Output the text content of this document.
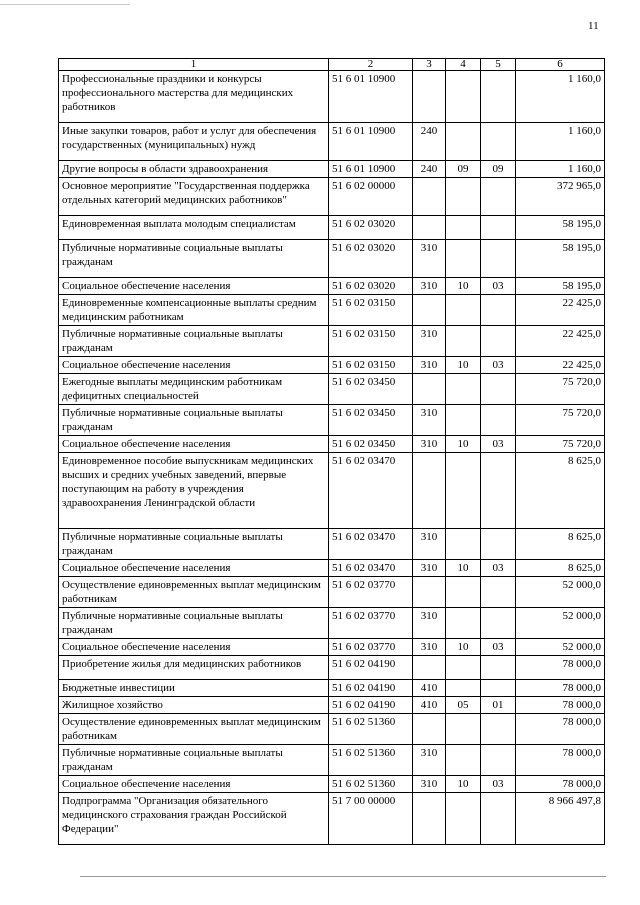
11
1	2	3	4	5	6
Профессиональные праздники и конкурсы профессионального мастерства для медицинских работников	51 6 01 10900				1 160,0
Иные закупки товаров, работ и услуг для обеспечения государственных (муниципальных) нужд	51 6 01 10900	240			1 160,0
Другие вопросы в области здравоохранения	51 6 01 10900	240	09	09	1 160,0
Основное мероприятие "Государственная поддержка отдельных категорий медицинских работников"	51 6 02 00000				372 965,0
Единовременная выплата молодым специалистам	51 6 02 03020				58 195,0
Публичные нормативные социальные выплаты гражданам	51 6 02 03020	310			58 195,0
Социальное обеспечение населения	51 6 02 03020	310	10	03	58 195,0
Единовременные компенсационные выплаты средним медицинским работникам	51 6 02 03150				22 425,0
Публичные нормативные социальные выплаты гражданам	51 6 02 03150	310			22 425,0
Социальное обеспечение населения	51 6 02 03150	310	10	03	22 425,0
Ежегодные выплаты медицинским работникам дефицитных специальностей	51 6 02 03450				75 720,0
Публичные нормативные социальные выплаты гражданам	51 6 02 03450	310			75 720,0
Социальное обеспечение населения	51 6 02 03450	310	10	03	75 720,0
Единовременное пособие выпускникам медицинских высших и средних учебных заведений, впервые поступающим на работу в учреждения здравоохранения Ленинградской области	51 6 02 03470				8 625,0
Публичные нормативные социальные выплаты гражданам	51 6 02 03470	310			8 625,0
Социальное обеспечение населения	51 6 02 03470	310	10	03	8 625,0
Осуществление единовременных выплат медицинским работникам	51 6 02 03770				52 000,0
Публичные нормативные социальные выплаты гражданам	51 6 02 03770	310			52 000,0
Социальное обеспечение населения	51 6 02 03770	310	10	03	52 000,0
Приобретение жилья для медицинских работников	51 6 02 04190				78 000,0
Бюджетные инвестиции	51 6 02 04190	410			78 000,0
Жилищное хозяйство	51 6 02 04190	410	05	01	78 000,0
Осуществление единовременных выплат медицинским работникам	51 6 02 51360				78 000,0
Публичные нормативные социальные выплаты гражданам	51 6 02 51360	310			78 000,0
Социальное обеспечение населения	51 6 02 51360	310	10	03	78 000,0
Подпрограмма "Организация обязательного медицинского страхования граждан Российской Федерации"	51 7 00 00000				8 966 497,8
